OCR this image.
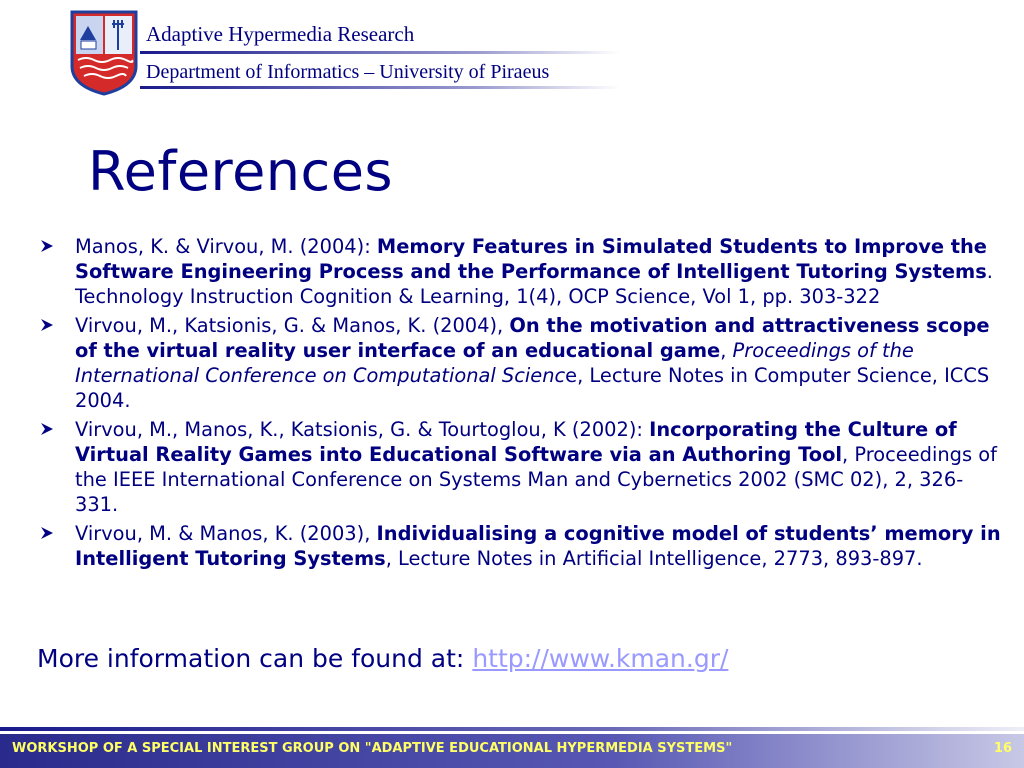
Adaptive Hypermedia Research
Department of Informatics – University of Piraeus
References
Manos, K. & Virvou, M. (2004): Memory Features in Simulated Students to Improve the Software Engineering Process and the Performance of Intelligent Tutoring Systems. Technology Instruction Cognition & Learning, 1(4), OCP Science, Vol 1, pp. 303-322
Virvou, M., Katsionis, G. & Manos, K. (2004), On the motivation and attractiveness scope of the virtual reality user interface of an educational game, Proceedings of the International Conference on Computational Science, Lecture Notes in Computer Science, ICCS 2004.
Virvou, M., Manos, K., Katsionis, G. & Tourtoglou, K (2002): Incorporating the Culture of Virtual Reality Games into Educational Software via an Authoring Tool, Proceedings of the IEEE International Conference on Systems Man and Cybernetics 2002 (SMC 02), 2, 326-331.
Virvou, M. & Manos, K. (2003), Individualising a cognitive model of students’ memory in Intelligent Tutoring Systems, Lecture Notes in Artificial Intelligence, 2773, 893-897.
More information can be found at: http://www.kman.gr/
WORKSHOP OF A SPECIAL INTEREST GROUP ON "ADAPTIVE EDUCATIONAL HYPERMEDIA SYSTEMS"	16
